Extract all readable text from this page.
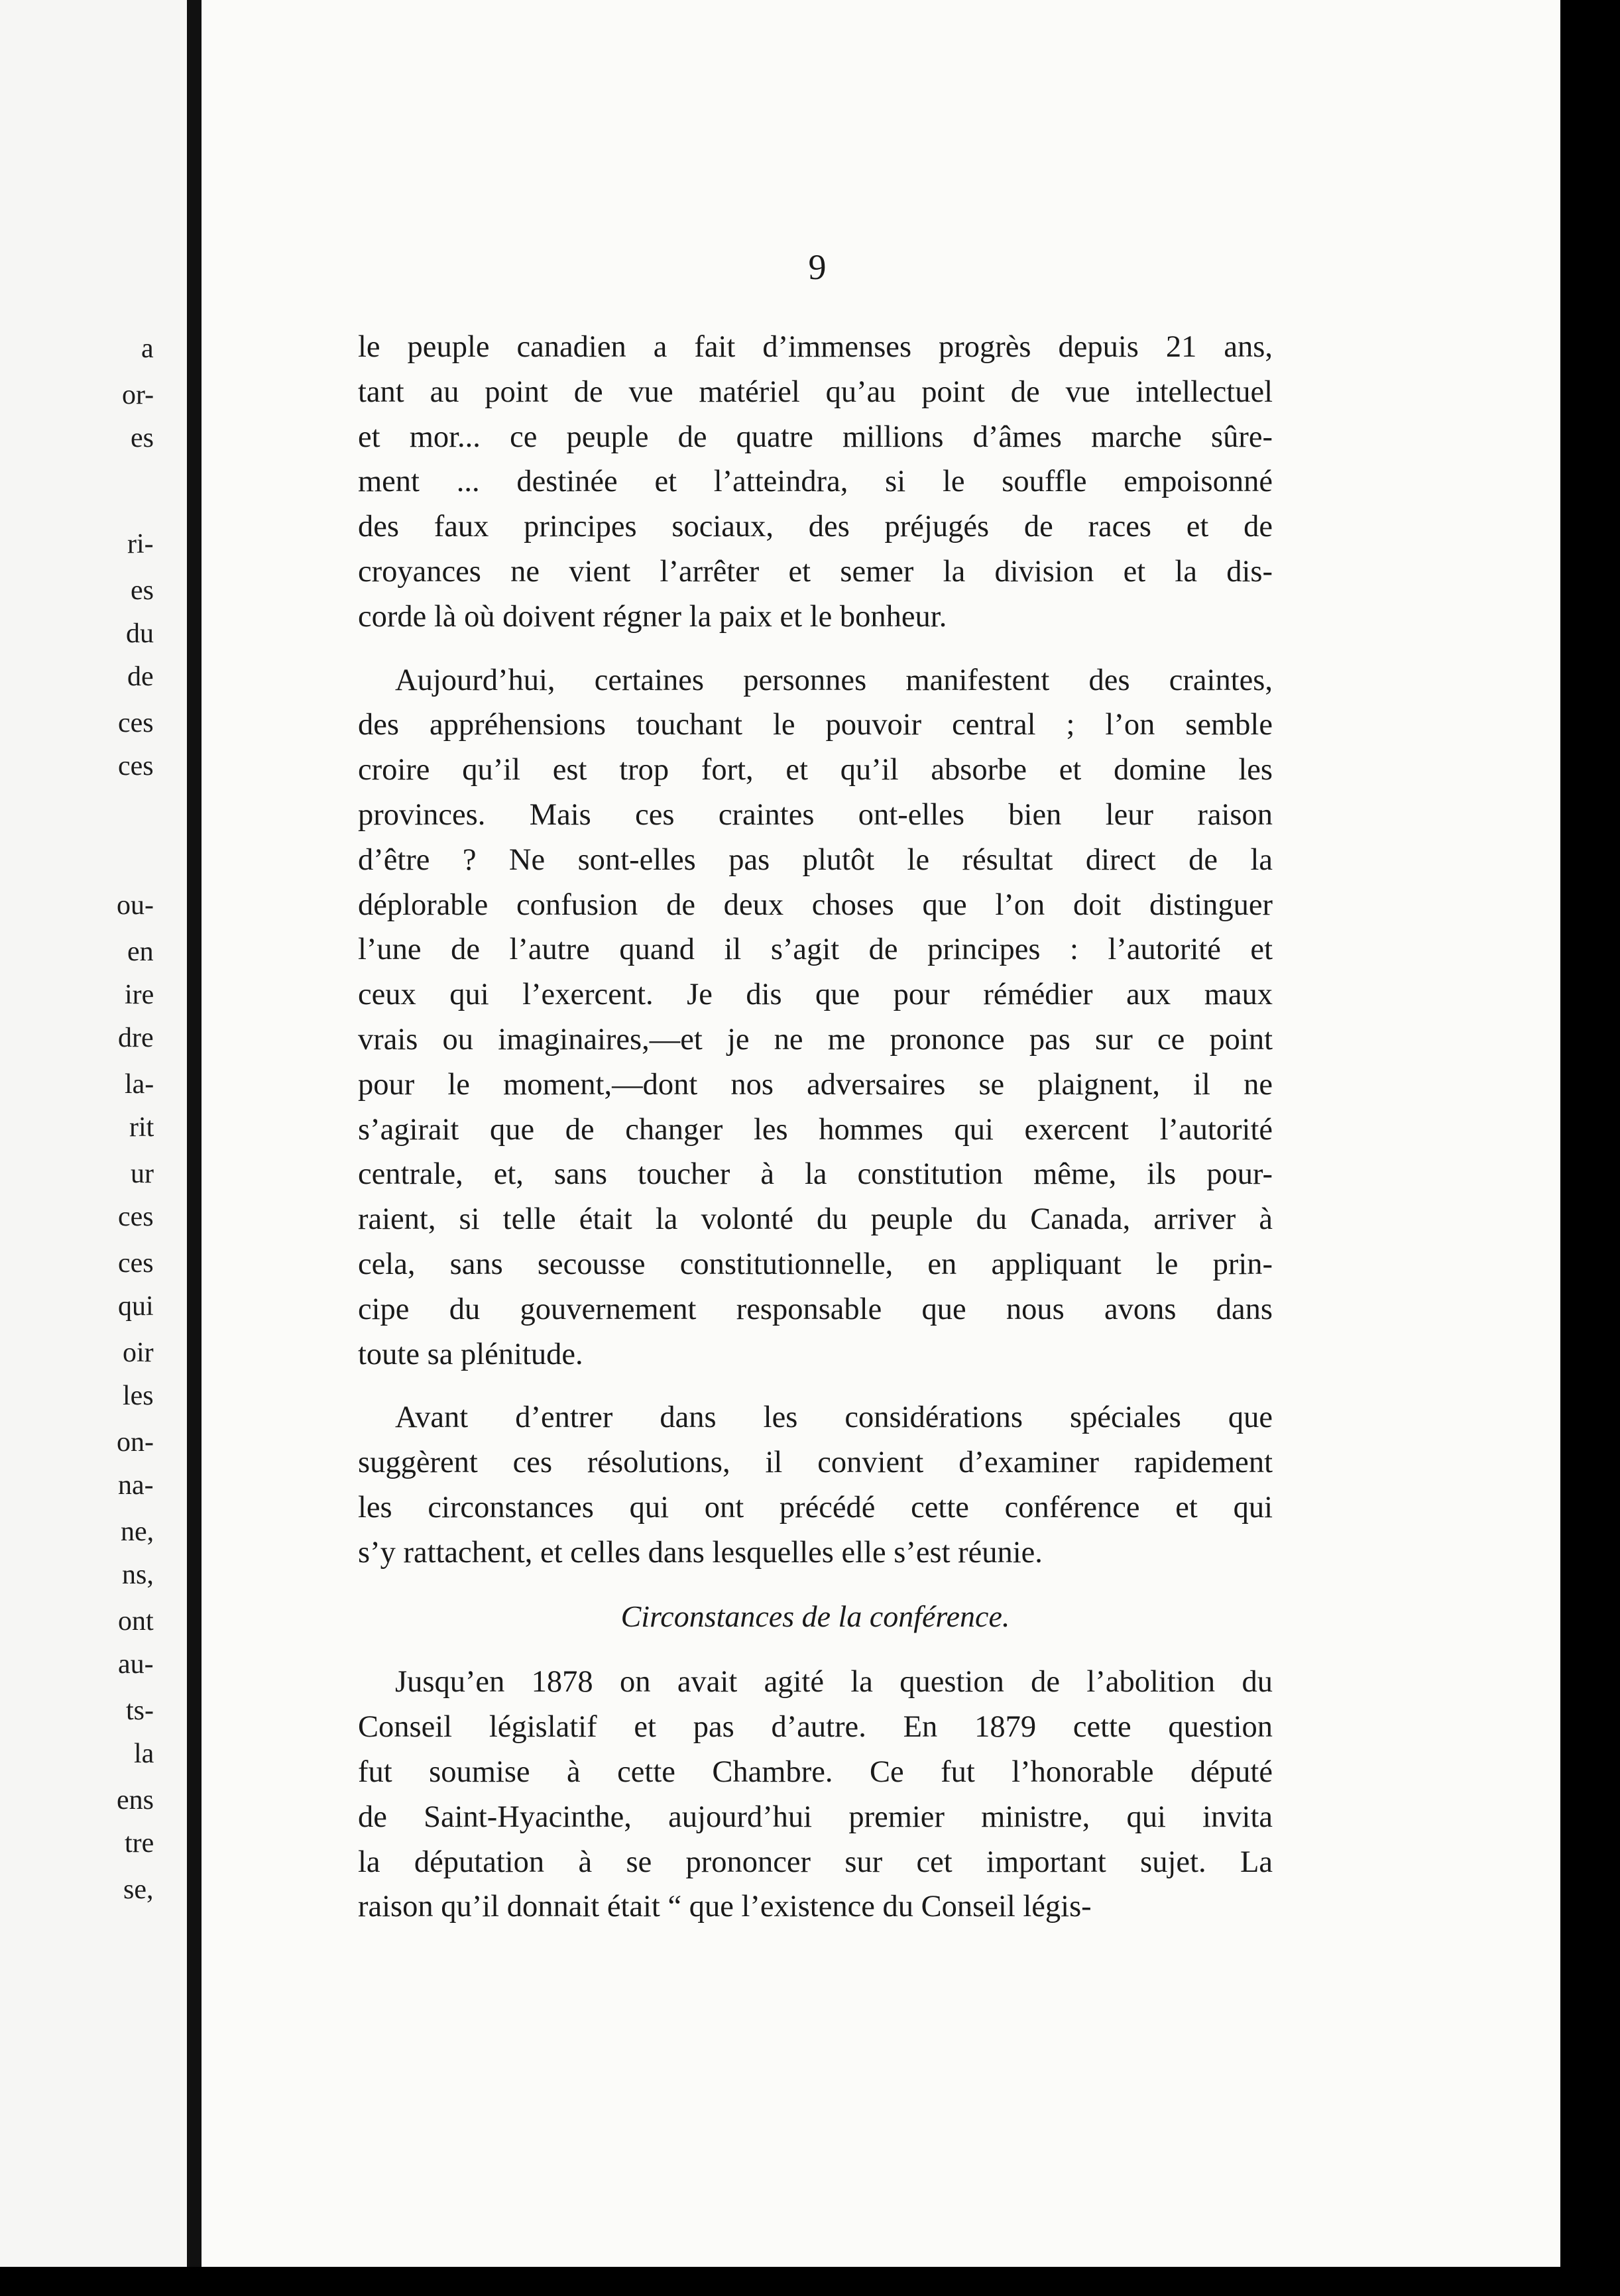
a
or-
es
ri-
es
du
de
ces
ces
ou-
en
ire
dre
la-
rit
ur
ces
ces
qui
oir
les
on-
na-
ne,
ns,
ont
au-
ts-
la
ens
tre
se,
9
le peuple canadien a fait d’immenses progrès depuis 21 ans,
tant au point de vue matériel qu’au point de vue intellectuel
et mor... ce peuple de quatre millions d’âmes marche sûre-
ment ... destinée et l’atteindra, si le souffle empoisonné
des faux principes sociaux, des préjugés de races et de
croyances ne vient l’arrêter et semer la division et la dis-
corde là où doivent régner la paix et le bonheur.
Aujourd’hui, certaines personnes manifestent des craintes,
des appréhensions touchant le pouvoir central ; l’on semble
croire qu’il est trop fort, et qu’il absorbe et domine les
provinces. Mais ces craintes ont-elles bien leur raison
d’être ? Ne sont-elles pas plutôt le résultat direct de la
déplorable confusion de deux choses que l’on doit distinguer
l’une de l’autre quand il s’agit de principes : l’autorité et
ceux qui l’exercent. Je dis que pour rémédier aux maux
vrais ou imaginaires,—et je ne me prononce pas sur ce point
pour le moment,—dont nos adversaires se plaignent, il ne
s’agirait que de changer les hommes qui exercent l’autorité
centrale, et, sans toucher à la constitution même, ils pour-
raient, si telle était la volonté du peuple du Canada, arriver à
cela, sans secousse constitutionnelle, en appliquant le prin-
cipe du gouvernement responsable que nous avons dans
toute sa plénitude.
Avant d’entrer dans les considérations spéciales que
suggèrent ces résolutions, il convient d’examiner rapidement
les circonstances qui ont précédé cette conférence et qui
s’y rattachent, et celles dans lesquelles elle s’est réunie.
Circonstances de la conférence.
Jusqu’en 1878 on avait agité la question de l’abolition du
Conseil législatif et pas d’autre. En 1879 cette question
fut soumise à cette Chambre. Ce fut l’honorable député
de Saint-Hyacinthe, aujourd’hui premier ministre, qui invita
la députation à se prononcer sur cet important sujet. La
raison qu’il donnait était “ que l’existence du Conseil légis-
